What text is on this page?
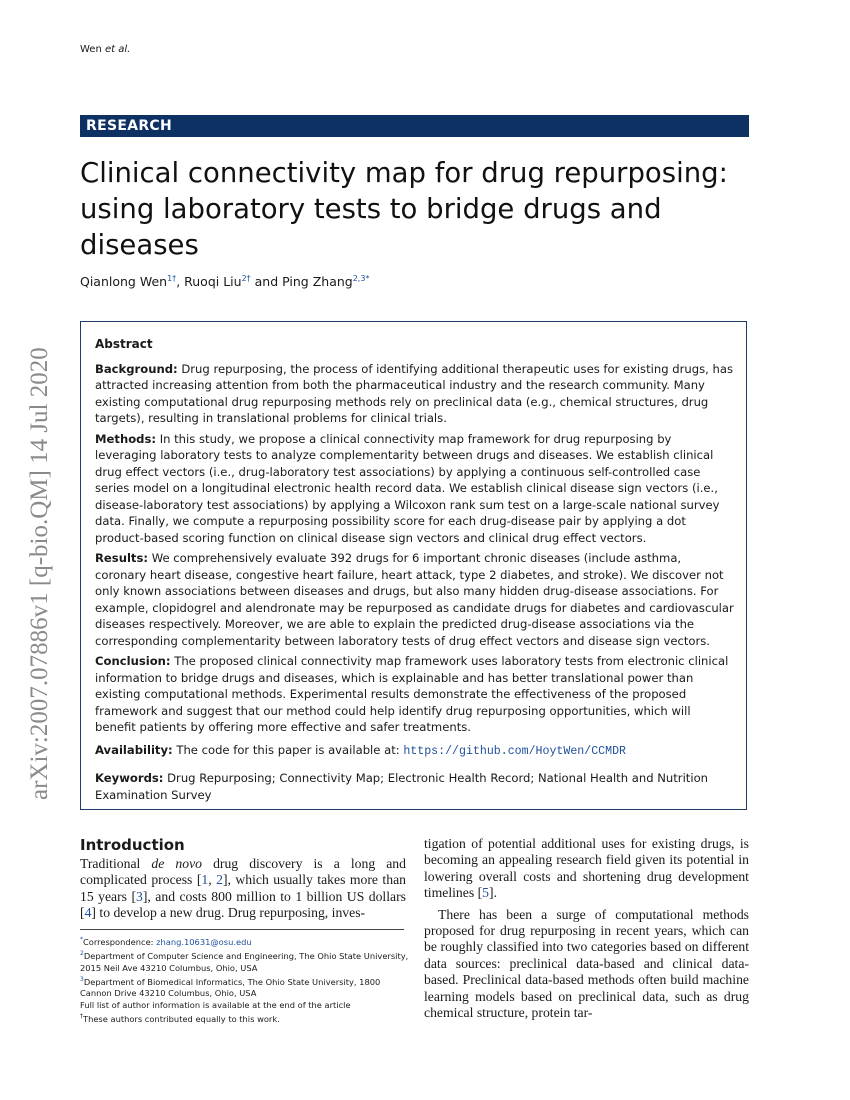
Wen et al.
RESEARCH
arXiv:2007.07886v1 [q-bio.QM] 14 Jul 2020
Clinical connectivity map for drug repurposing: using laboratory tests to bridge drugs and diseases
Qianlong Wen$^{1\dagger}$, Ruoqi Liu$^{2\dagger}$ and Ping Zhang$^{2,3*}$

Abstract

Background: Drug repurposing, the process of identifying additional therapeutic uses for existing drugs, has attracted increasing attention from both the pharmaceutical industry and the research community. Many existing computational drug repurposing methods rely on preclinical data (e.g., chemical structures, drug targets), resulting in translational problems for clinical trials.

Methods: In this study, we propose a clinical connectivity map framework for drug repurposing by leveraging laboratory tests to analyze complementarity between drugs and diseases. We establish clinical drug effect vectors (i.e., drug-laboratory test associations) by applying a continuous self-controlled case series model on a longitudinal electronic health record data. We establish clinical disease sign vectors (i.e., disease-laboratory test associations) by applying a Wilcoxon rank sum test on a large-scale national survey data. Finally, we compute a repurposing possibility score for each drug-disease pair by applying a dot product-based scoring function on clinical disease sign vectors and clinical drug effect vectors.

Results: We comprehensively evaluate 392 drugs for 6 important chronic diseases (include asthma, coronary heart disease, congestive heart failure, heart attack, type 2 diabetes, and stroke). We discover not only known associations between diseases and drugs, but also many hidden drug-disease associations. For example, clopidogrel and alendronate may be repurposed as candidate drugs for diabetes and cardiovascular diseases respectively. Moreover, we are able to explain the predicted drug-disease associations via the corresponding complementarity between laboratory tests of drug effect vectors and disease sign vectors.

Conclusion: The proposed clinical connectivity map framework uses laboratory tests from electronic clinical information to bridge drugs and diseases, which is explainable and has better translational power than existing computational methods. Experimental results demonstrate the effectiveness of the proposed framework and suggest that our method could help identify drug repurposing opportunities, which will benefit patients by offering more effective and safer treatments.

Availability: The code for this paper is available at: https://github.com/HoytWen/CCMDR

Keywords: Drug Repurposing; Connectivity Map; Electronic Health Record; National Health and Nutrition Examination Survey

Introduction

Traditional de novo drug discovery is a long and complicated process [1, 2], which usually takes more than 15 years [3], and costs 800 million to 1 billion US dollars [4] to develop a new drug. Drug repurposing, inves-

*Correspondence: zhang.10631@osu.edu
$^2$Department of Computer Science and Engineering, The Ohio State University, 2015 Neil Ave 43210 Columbus, Ohio, USA
$^3$Department of Biomedical Informatics, The Ohio State University, 1800 Cannon Drive 43210 Columbus, Ohio, USA
Full list of author information is available at the end of the article
†These authors contributed equally to this work.

tigation of potential additional uses for existing drugs, is becoming an appealing research field given its potential in lowering overall costs and shortening drug development timelines [5].

There has been a surge of computational methods proposed for drug repurposing in recent years, which can be roughly classified into two categories based on different data sources: preclinical data-based and clinical data-based. Preclinical data-based methods often build machine learning models based on preclinical data, such as drug chemical structure, protein tar-
